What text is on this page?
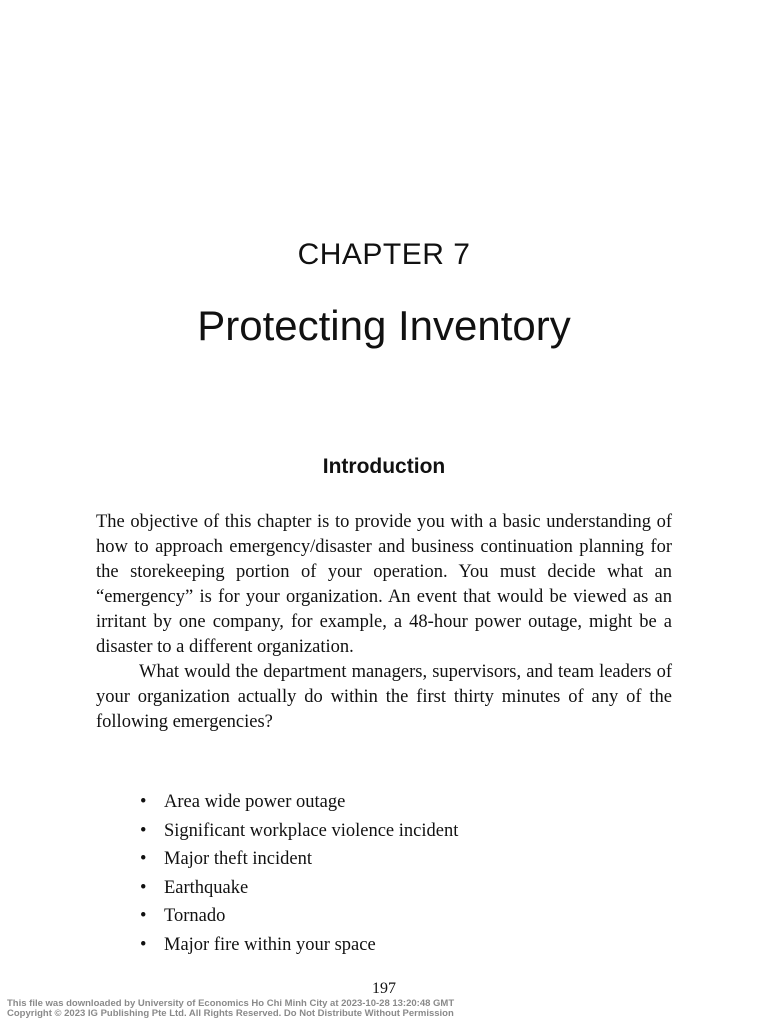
CHAPTER 7
Protecting Inventory
Introduction

The objective of this chapter is to provide you with a basic understanding of how to approach emergency/disaster and business continuation planning for the storekeeping portion of your operation. You must decide what an “emergency” is for your organization. An event that would be viewed as an irritant by one company, for example, a 48-hour power outage, might be a disaster to a different organization.

What would the department managers, supervisors, and team leaders of your organization actually do within the first thirty minutes of any of the following emergencies?

• Area wide power outage
• Significant workplace violence incident
• Major theft incident
• Earthquake
• Tornado
• Major fire within your space
197
This file was downloaded by University of Economics Ho Chi Minh City at 2023-10-28 13:20:48 GMT
Copyright © 2023 IG Publishing Pte Ltd. All Rights Reserved. Do Not Distribute Without Permission
